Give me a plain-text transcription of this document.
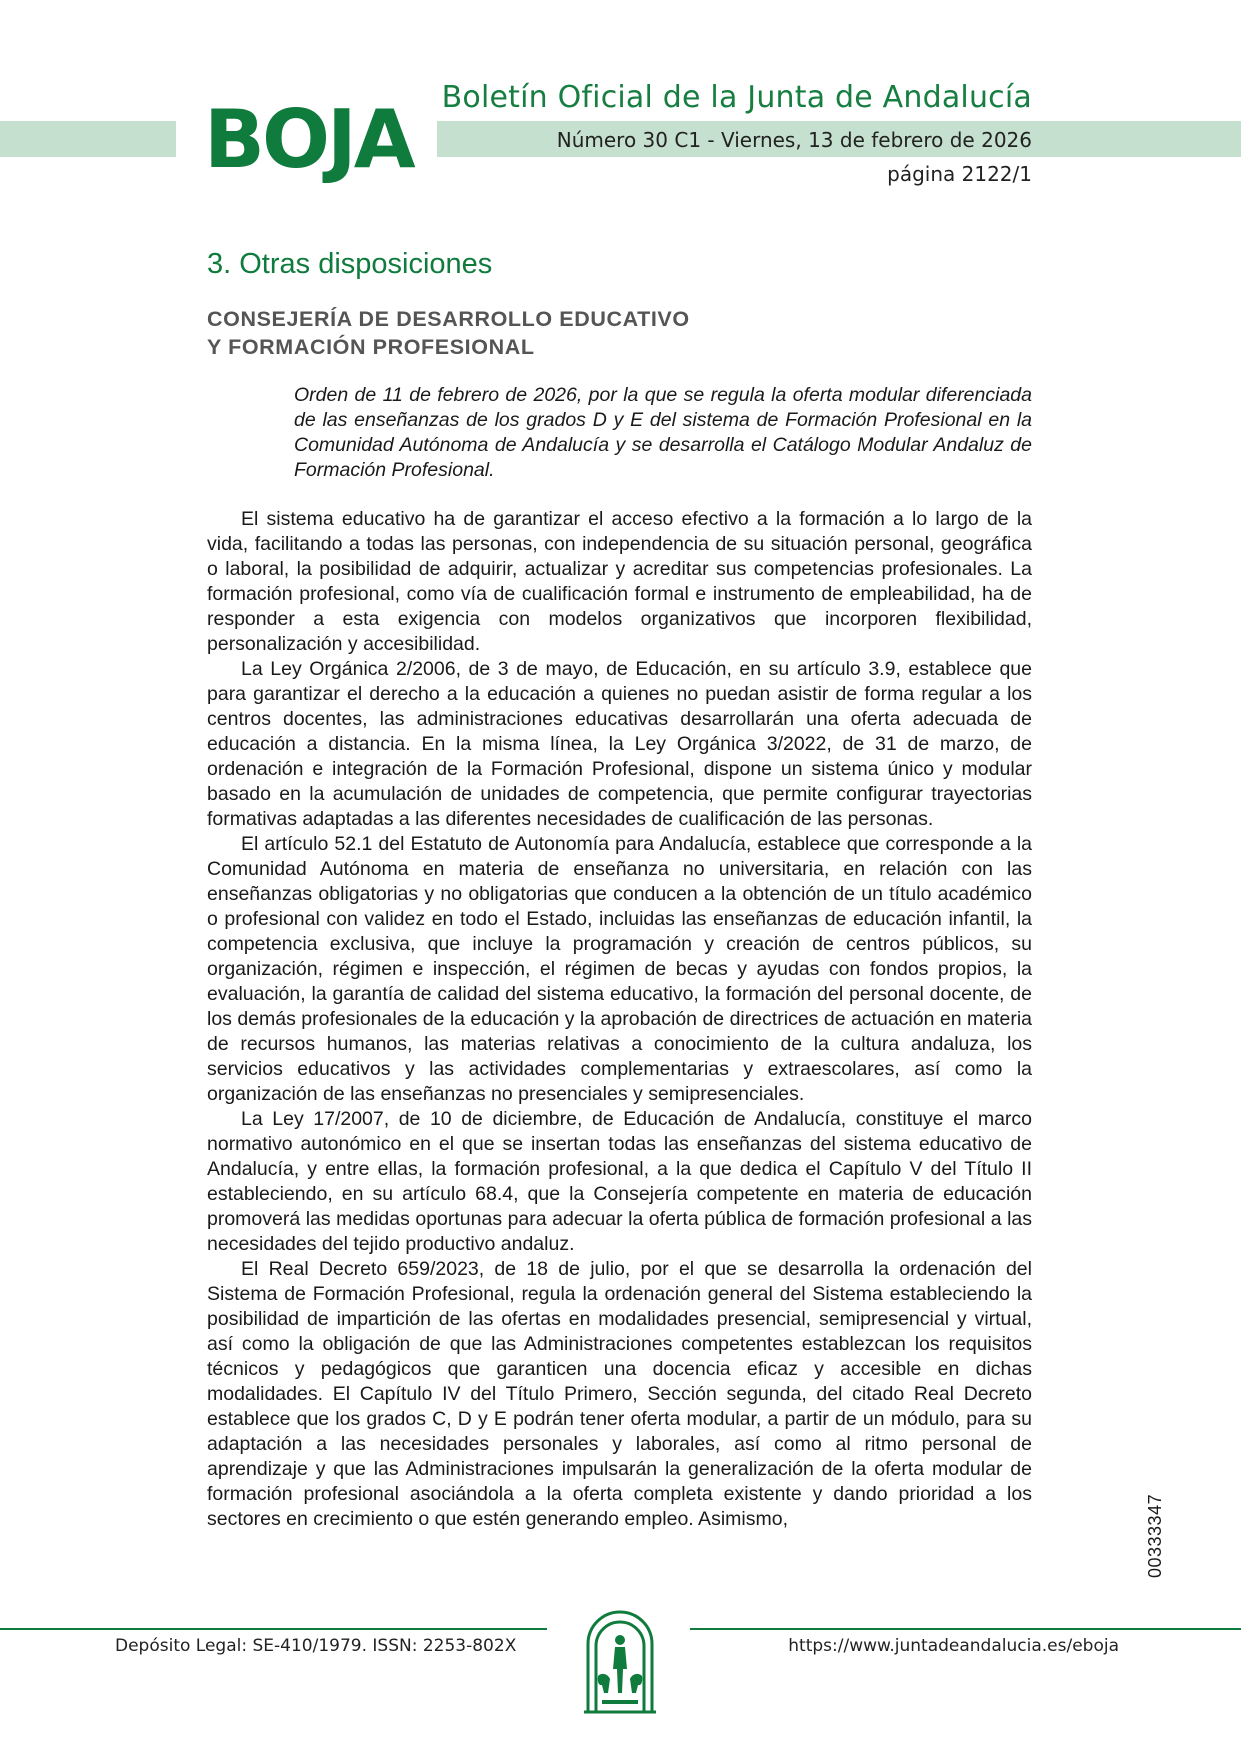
BOJA Boletín Oficial de la Junta de Andalucía
Número 30 C1 - Viernes, 13 de febrero de 2026
página 2122/1
3. Otras disposiciones
CONSEJERÍA DE DESARROLLO EDUCATIVO
Y FORMACIÓN PROFESIONAL
Orden de 11 de febrero de 2026, por la que se regula la oferta modular diferenciada de las enseñanzas de los grados D y E del sistema de Formación Profesional en la Comunidad Autónoma de Andalucía y se desarrolla el Catálogo Modular Andaluz de Formación Profesional.

El sistema educativo ha de garantizar el acceso efectivo a la formación a lo largo de la vida, facilitando a todas las personas, con independencia de su situación personal, geográfica o laboral, la posibilidad de adquirir, actualizar y acreditar sus competencias profesionales. La formación profesional, como vía de cualificación formal e instrumento de empleabilidad, ha de responder a esta exigencia con modelos organizativos que incorporen flexibilidad, personalización y accesibilidad.

La Ley Orgánica 2/2006, de 3 de mayo, de Educación, en su artículo 3.9, establece que para garantizar el derecho a la educación a quienes no puedan asistir de forma regular a los centros docentes, las administraciones educativas desarrollarán una oferta adecuada de educación a distancia. En la misma línea, la Ley Orgánica 3/2022, de 31 de marzo, de ordenación e integración de la Formación Profesional, dispone un sistema único y modular basado en la acumulación de unidades de competencia, que permite configurar trayectorias formativas adaptadas a las diferentes necesidades de cualificación de las personas.

El artículo 52.1 del Estatuto de Autonomía para Andalucía, establece que corresponde a la Comunidad Autónoma en materia de enseñanza no universitaria, en relación con las enseñanzas obligatorias y no obligatorias que conducen a la obtención de un título académico o profesional con validez en todo el Estado, incluidas las enseñanzas de educación infantil, la competencia exclusiva, que incluye la programación y creación de centros públicos, su organización, régimen e inspección, el régimen de becas y ayudas con fondos propios, la evaluación, la garantía de calidad del sistema educativo, la formación del personal docente, de los demás profesionales de la educación y la aprobación de directrices de actuación en materia de recursos humanos, las materias relativas a conocimiento de la cultura andaluza, los servicios educativos y las actividades complementarias y extraescolares, así como la organización de las enseñanzas no presenciales y semipresenciales.

La Ley 17/2007, de 10 de diciembre, de Educación de Andalucía, constituye el marco normativo autonómico en el que se insertan todas las enseñanzas del sistema educativo de Andalucía, y entre ellas, la formación profesional, a la que dedica el Capítulo V del Título II estableciendo, en su artículo 68.4, que la Consejería competente en materia de educación promoverá las medidas oportunas para adecuar la oferta pública de formación profesional a las necesidades del tejido productivo andaluz.

El Real Decreto 659/2023, de 18 de julio, por el que se desarrolla la ordenación del Sistema de Formación Profesional, regula la ordenación general del Sistema estableciendo la posibilidad de impartición de las ofertas en modalidades presencial, semipresencial y virtual, así como la obligación de que las Administraciones competentes establezcan los requisitos técnicos y pedagógicos que garanticen una docencia eficaz y accesible en dichas modalidades. El Capítulo IV del Título Primero, Sección segunda, del citado Real Decreto establece que los grados C, D y E podrán tener oferta modular, a partir de un módulo, para su adaptación a las necesidades personales y laborales, así como al ritmo personal de aprendizaje y que las Administraciones impulsarán la generalización de la oferta modular de formación profesional asociándola a la oferta completa existente y dando prioridad a los sectores en crecimiento o que estén generando empleo. Asimismo,	00333347
Depósito Legal: SE-410/1979. ISSN: 2253-802X	https://www.juntadeandalucia.es/eboja
